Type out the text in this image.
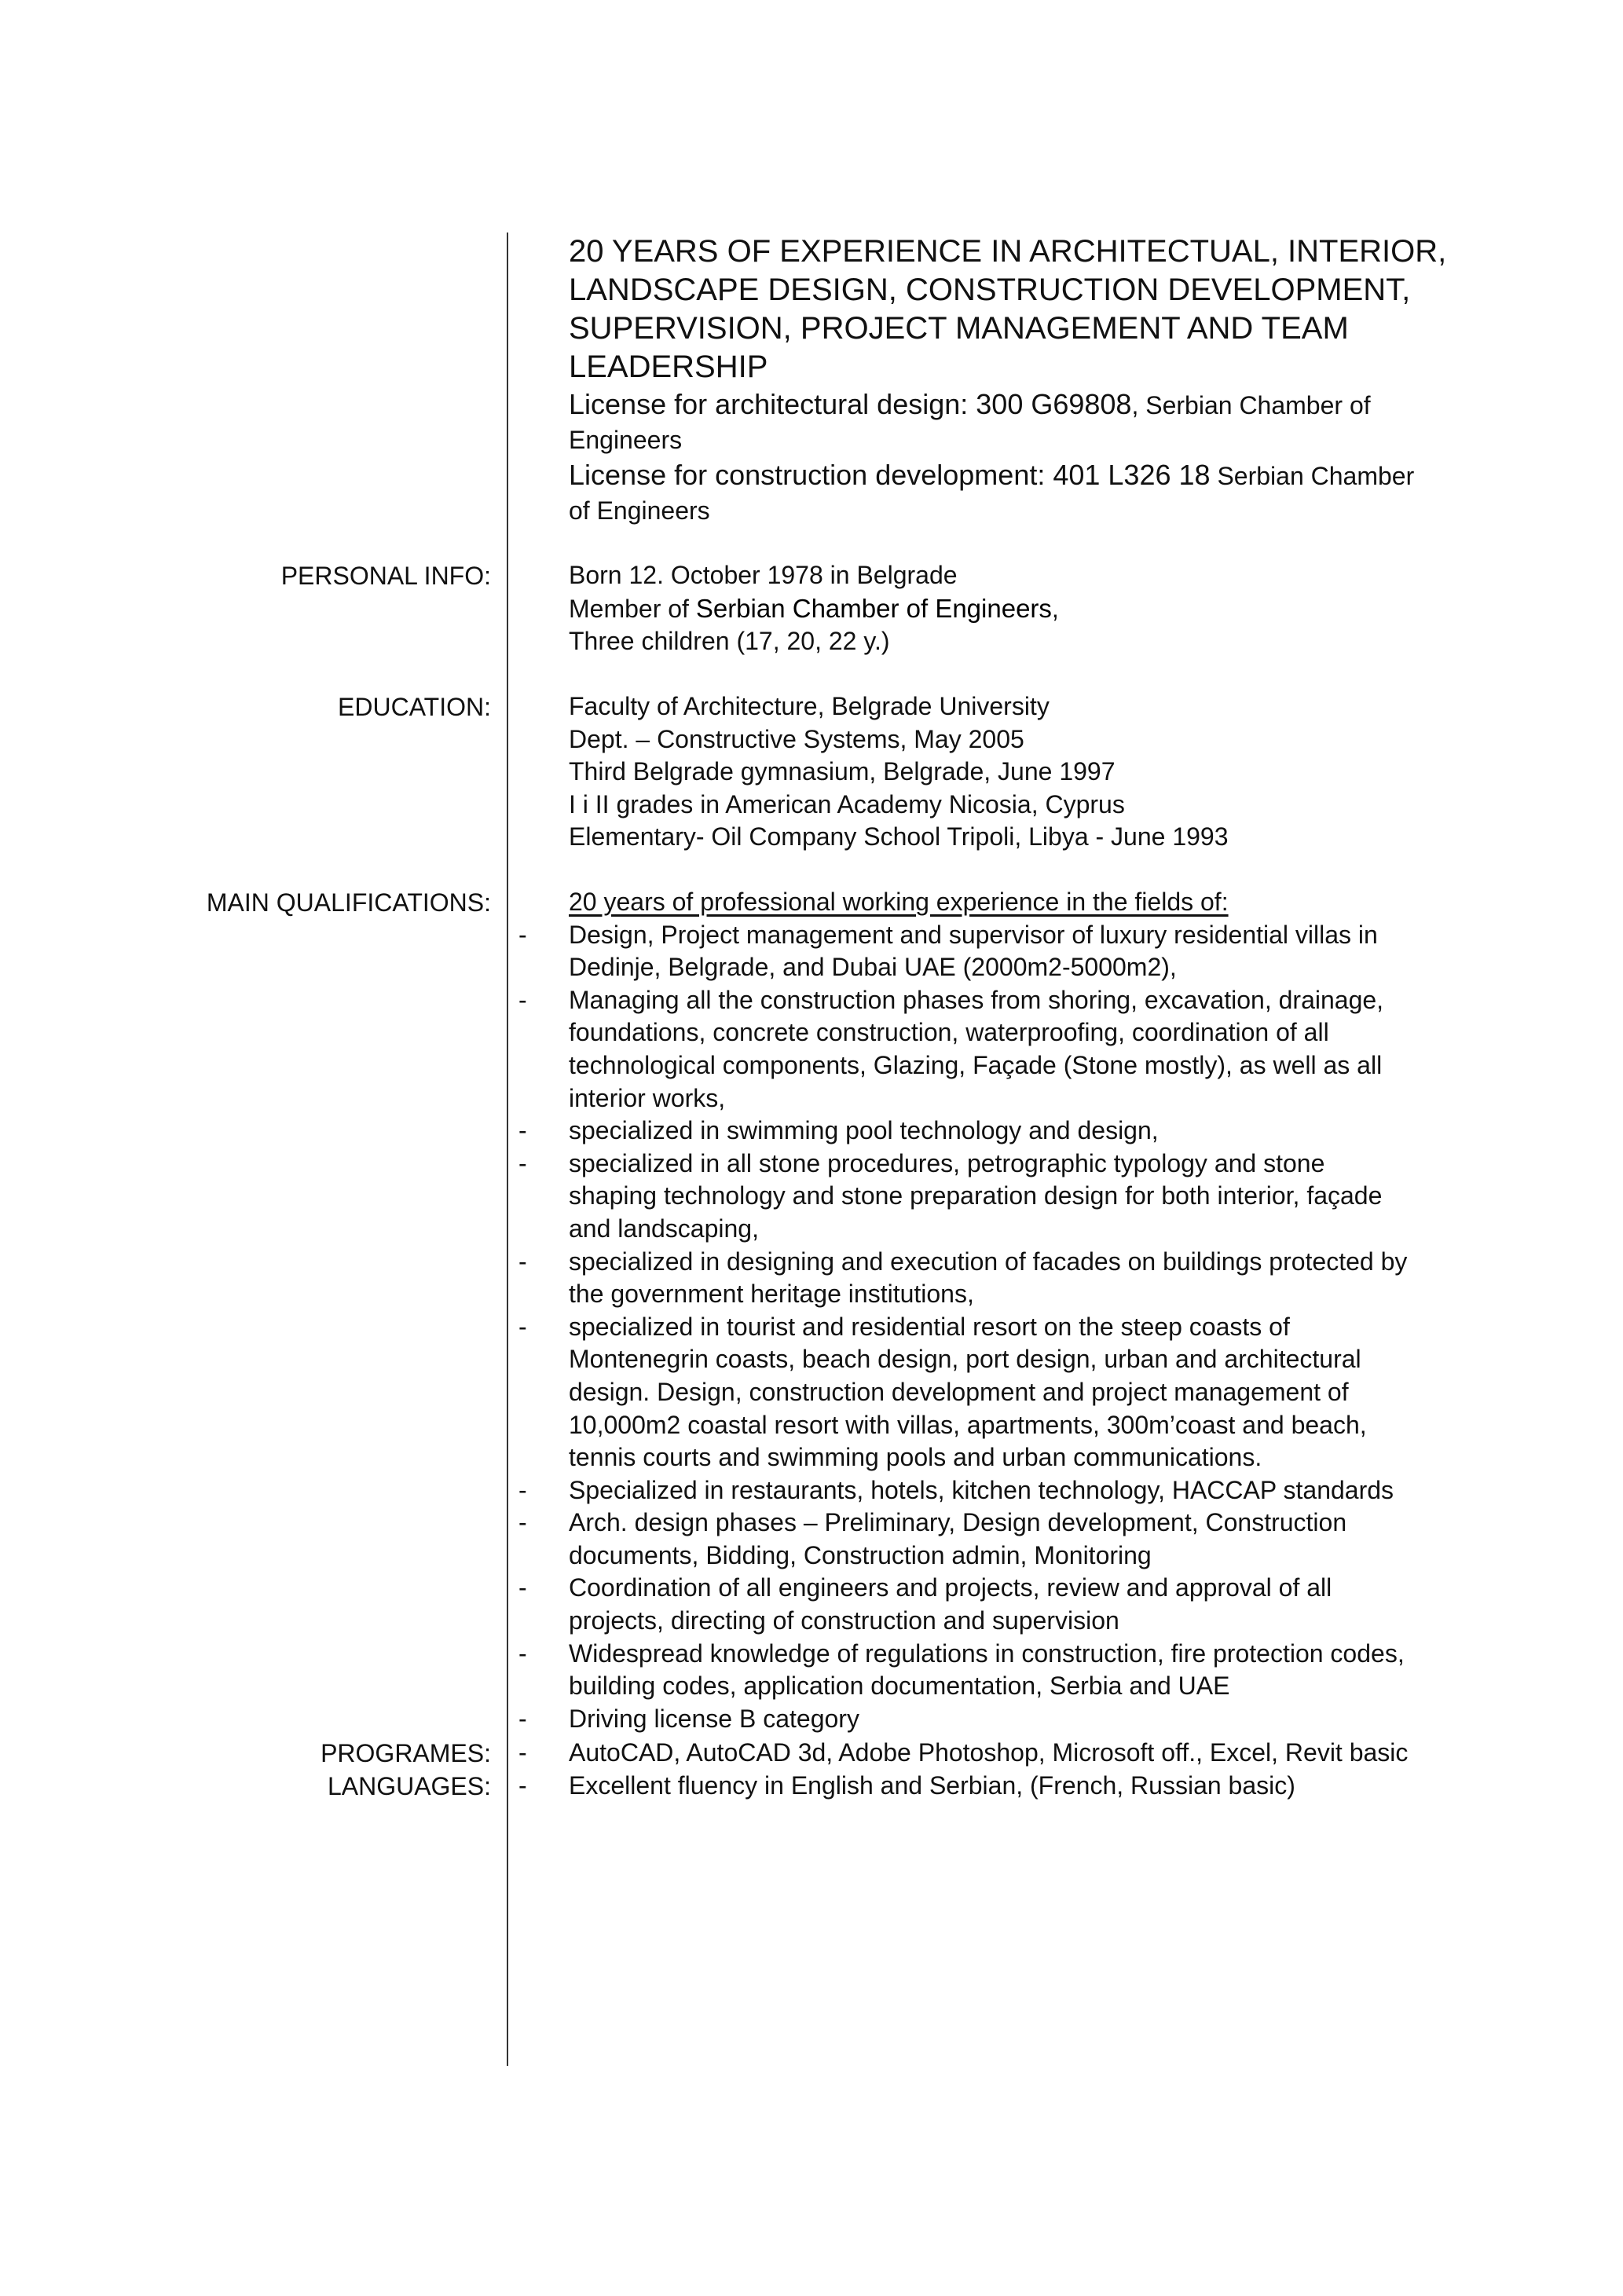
20 YEARS OF EXPERIENCE IN ARCHITECTUAL, INTERIOR,
LANDSCAPE DESIGN, CONSTRUCTION DEVELOPMENT,
SUPERVISION, PROJECT MANAGEMENT AND TEAM
LEADERSHIP
License for architectural design: 300 G69808, Serbian Chamber of
Engineers
License for construction development: 401 L326 18 Serbian Chamber
of Engineers
PERSONAL INFO:	Born 12. October 1978 in Belgrade
Member of Serbian Chamber of Engineers,
Three children (17, 20, 22 y.)
EDUCATION:	Faculty of Architecture, Belgrade University
Dept. – Constructive Systems, May 2005
Third Belgrade gymnasium, Belgrade, June 1997
I i II grades in American Academy Nicosia, Cyprus
Elementary- Oil Company School Tripoli, Libya - June 1993
MAIN QUALIFICATIONS:	20 years of professional working experience in the fields of:
- Design, Project management and supervisor of luxury residential villas in
Dedinje, Belgrade, and Dubai UAE (2000m2-5000m2),
- Managing all the construction phases from shoring, excavation, drainage,
foundations, concrete construction, waterproofing, coordination of all
technological components, Glazing, Façade (Stone mostly), as well as all
interior works,
- specialized in swimming pool technology and design,
- specialized in all stone procedures, petrographic typology and stone
shaping technology and stone preparation design for both interior, façade
and landscaping,
- specialized in designing and execution of facades on buildings protected by
the government heritage institutions,
- specialized in tourist and residential resort on the steep coasts of
Montenegrin coasts, beach design, port design, urban and architectural
design. Design, construction development and project management of
10,000m2 coastal resort with villas, apartments, 300m’coast and beach,
tennis courts and swimming pools and urban communications.
- Specialized in restaurants, hotels, kitchen technology, HACCAP standards
- Arch. design phases – Preliminary, Design development, Construction
documents, Bidding, Construction admin, Monitoring
- Coordination of all engineers and projects, review and approval of all
projects, directing of construction and supervision
- Widespread knowledge of regulations in construction, fire protection codes,
building codes, application documentation, Serbia and UAE
- Driving license B category
PROGRAMES: - AutoCAD, AutoCAD 3d, Adobe Photoshop, Microsoft off., Excel, Revit basic
LANGUAGES: - Excellent fluency in English and Serbian, (French, Russian basic)
